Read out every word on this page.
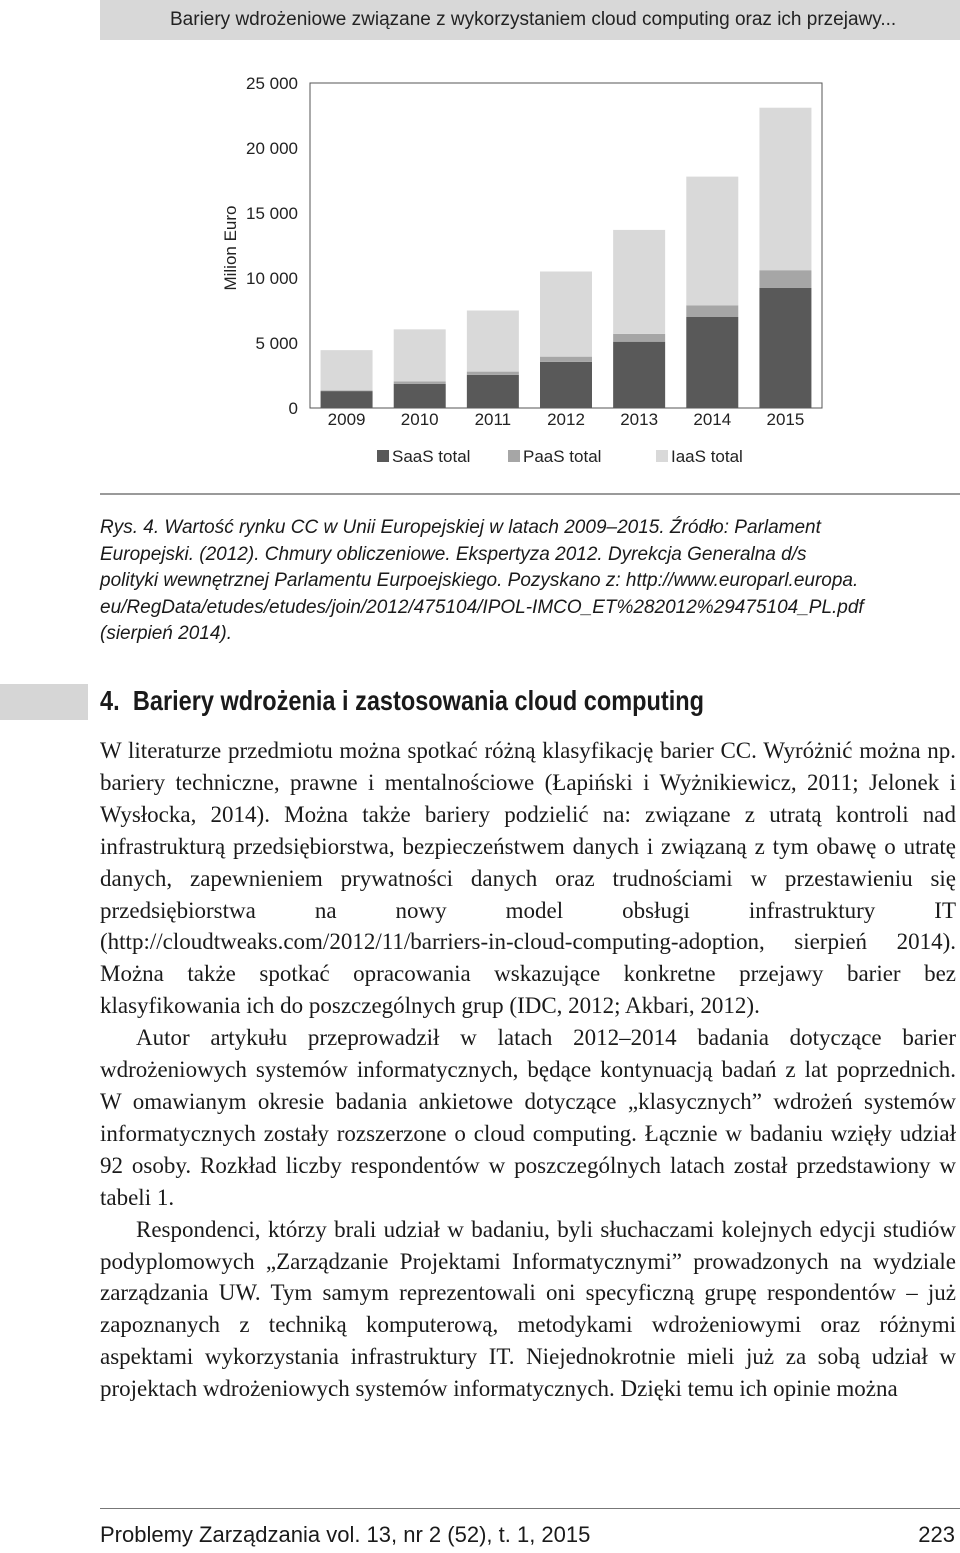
Bariery wdrożeniowe związane z wykorzystaniem cloud computing oraz ich przejawy...
Milion Euro
0
5 000
10 000
15 000
20 000
25 000
2009 2010 2011 2012 2013 2014 2015
SaaS total	PaaS total	IaaS total
Rys. 4. Wartość rynku CC w Unii Europejskiej w latach 2009–2015. Źródło: Parlament
Europejski. (2012). Chmury obliczeniowe. Ekspertyza 2012. Dyrekcja Generalna d/s
polityki wewnętrznej Parlamentu Eurpoejskiego. Pozyskano z: http://www.europarl.europa.
eu/RegData/etudes/etudes/join/2012/475104/IPOL-IMCO_ET%282012%29475104_PL.pdf
(sierpień 2014).
4. Bariery wdrożenia i zastosowania cloud computing

W literaturze przedmiotu można spotkać różną klasyfikację barier CC. Wyróżnić można np. bariery techniczne, prawne i mentalnościowe (Łapiński i Wyżnikiewicz, 2011; Jelonek i Wysłocka, 2014). Można także bariery podzielić na: związane z utratą kontroli nad infrastrukturą przedsiębiorstwa, bezpieczeństwem danych i związaną z tym obawę o utratę danych, zapewnieniem prywatności danych oraz trudnościami w przestawieniu się przedsiębiorstwa na nowy model obsługi infrastruktury IT (http://cloudtweaks.com/2012/11/barriers-in-cloud-computing-adoption, sierpień 2014). Można także spotkać opracowania wskazujące konkretne przejawy barier bez klasyfikowania ich do poszczególnych grup (IDC, 2012; Akbari, 2012).

Autor artykułu przeprowadził w latach 2012–2014 badania dotyczące barier wdrożeniowych systemów informatycznych, będące kontynuacją badań z lat poprzednich. W omawianym okresie badania ankietowe dotyczące „klasycznych” wdrożeń systemów informatycznych zostały rozszerzone o cloud computing. Łącznie w badaniu wzięły udział 92 osoby. Rozkład liczby respondentów w poszczególnych latach został przedstawiony w tabeli 1.

Respondenci, którzy brali udział w badaniu, byli słuchaczami kolejnych edycji studiów podyplomowych „Zarządzanie Projektami Informatycznymi” prowadzonych na wydziale zarządzania UW. Tym samym reprezentowali oni specyficzną grupę respondentów – już zapoznanych z techniką komputerową, metodykami wdrożeniowymi oraz różnymi aspektami wykorzystania infrastruktury IT. Niejednokrotnie mieli już za sobą udział w projektach wdrożeniowych systemów informatycznych. Dzięki temu ich opinie można

Problemy Zarządzania vol. 13, nr 2 (52), t. 1, 2015	223
